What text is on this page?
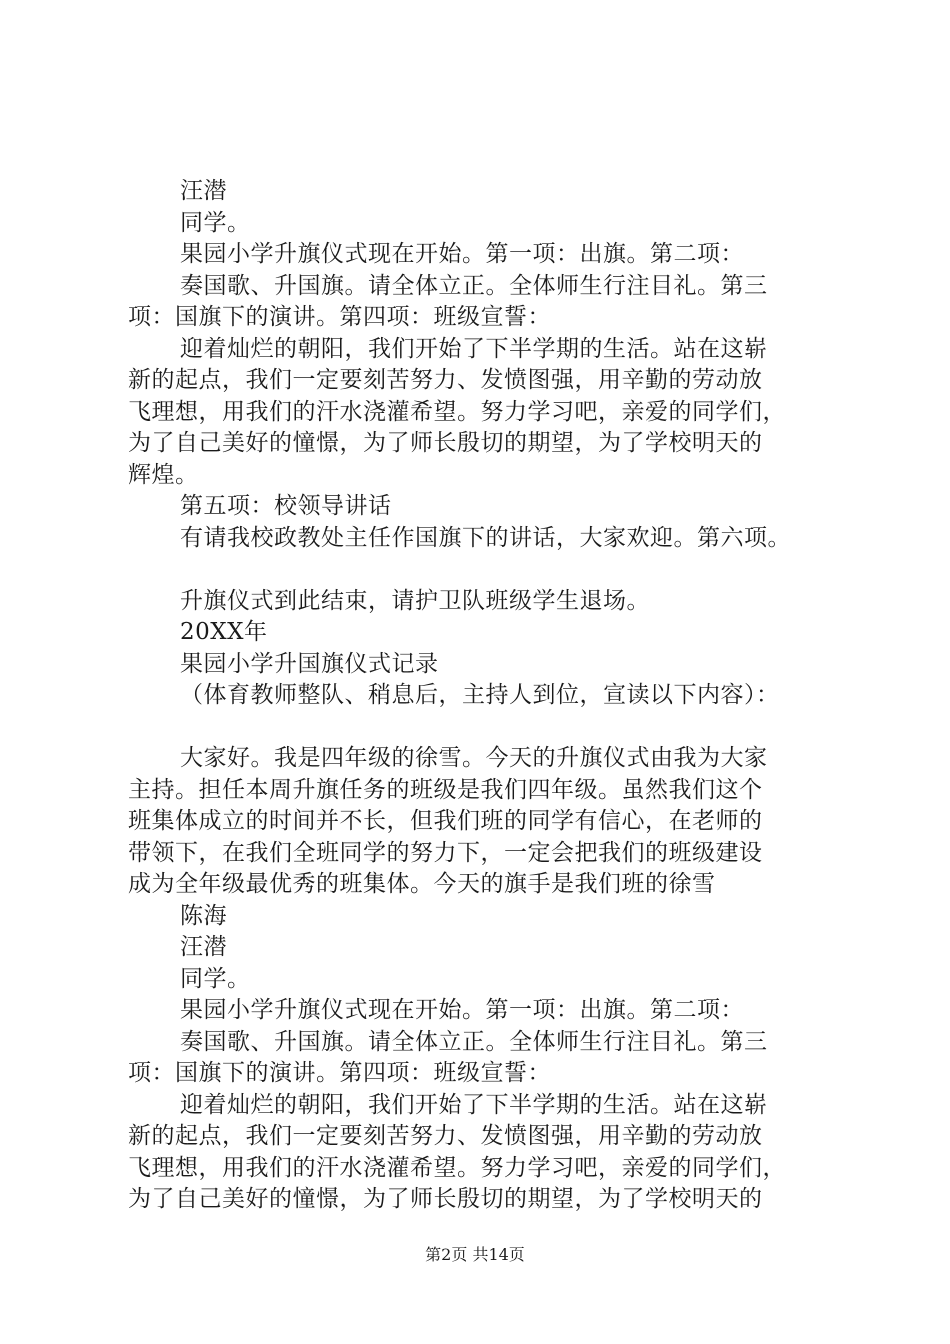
汪潜
同学。
果园小学升旗仪式现在开始。第一项：出旗。第二项：
奏国歌、升国旗。请全体立正。全体师生行注目礼。第三
项：国旗下的演讲。第四项：班级宣誓：
迎着灿烂的朝阳，我们开始了下半学期的生活。站在这崭
新的起点，我们一定要刻苦努力、发愤图强，用辛勤的劳动放
飞理想，用我们的汗水浇灌希望。努力学习吧，亲爱的同学们，
为了自己美好的憧憬，为了师长殷切的期望，为了学校明天的
辉煌。
第五项：校领导讲话
有请我校政教处主任作国旗下的讲话，大家欢迎。第六项。
升旗仪式到此结束，请护卫队班级学生退场。
20XX年
果园小学升国旗仪式记录
（体育教师整队、稍息后，主持人到位，宣读以下内容）：
大家好。我是四年级的徐雪。今天的升旗仪式由我为大家
主持。担任本周升旗任务的班级是我们四年级。虽然我们这个
班集体成立的时间并不长，但我们班的同学有信心，在老师的
带领下，在我们全班同学的努力下，一定会把我们的班级建设
成为全年级最优秀的班集体。今天的旗手是我们班的徐雪
陈海
汪潜
同学。
果园小学升旗仪式现在开始。第一项：出旗。第二项：
奏国歌、升国旗。请全体立正。全体师生行注目礼。第三
项：国旗下的演讲。第四项：班级宣誓：
迎着灿烂的朝阳，我们开始了下半学期的生活。站在这崭
新的起点，我们一定要刻苦努力、发愤图强，用辛勤的劳动放
飞理想，用我们的汗水浇灌希望。努力学习吧，亲爱的同学们，
为了自己美好的憧憬，为了师长殷切的期望，为了学校明天的
第2页 共14页
